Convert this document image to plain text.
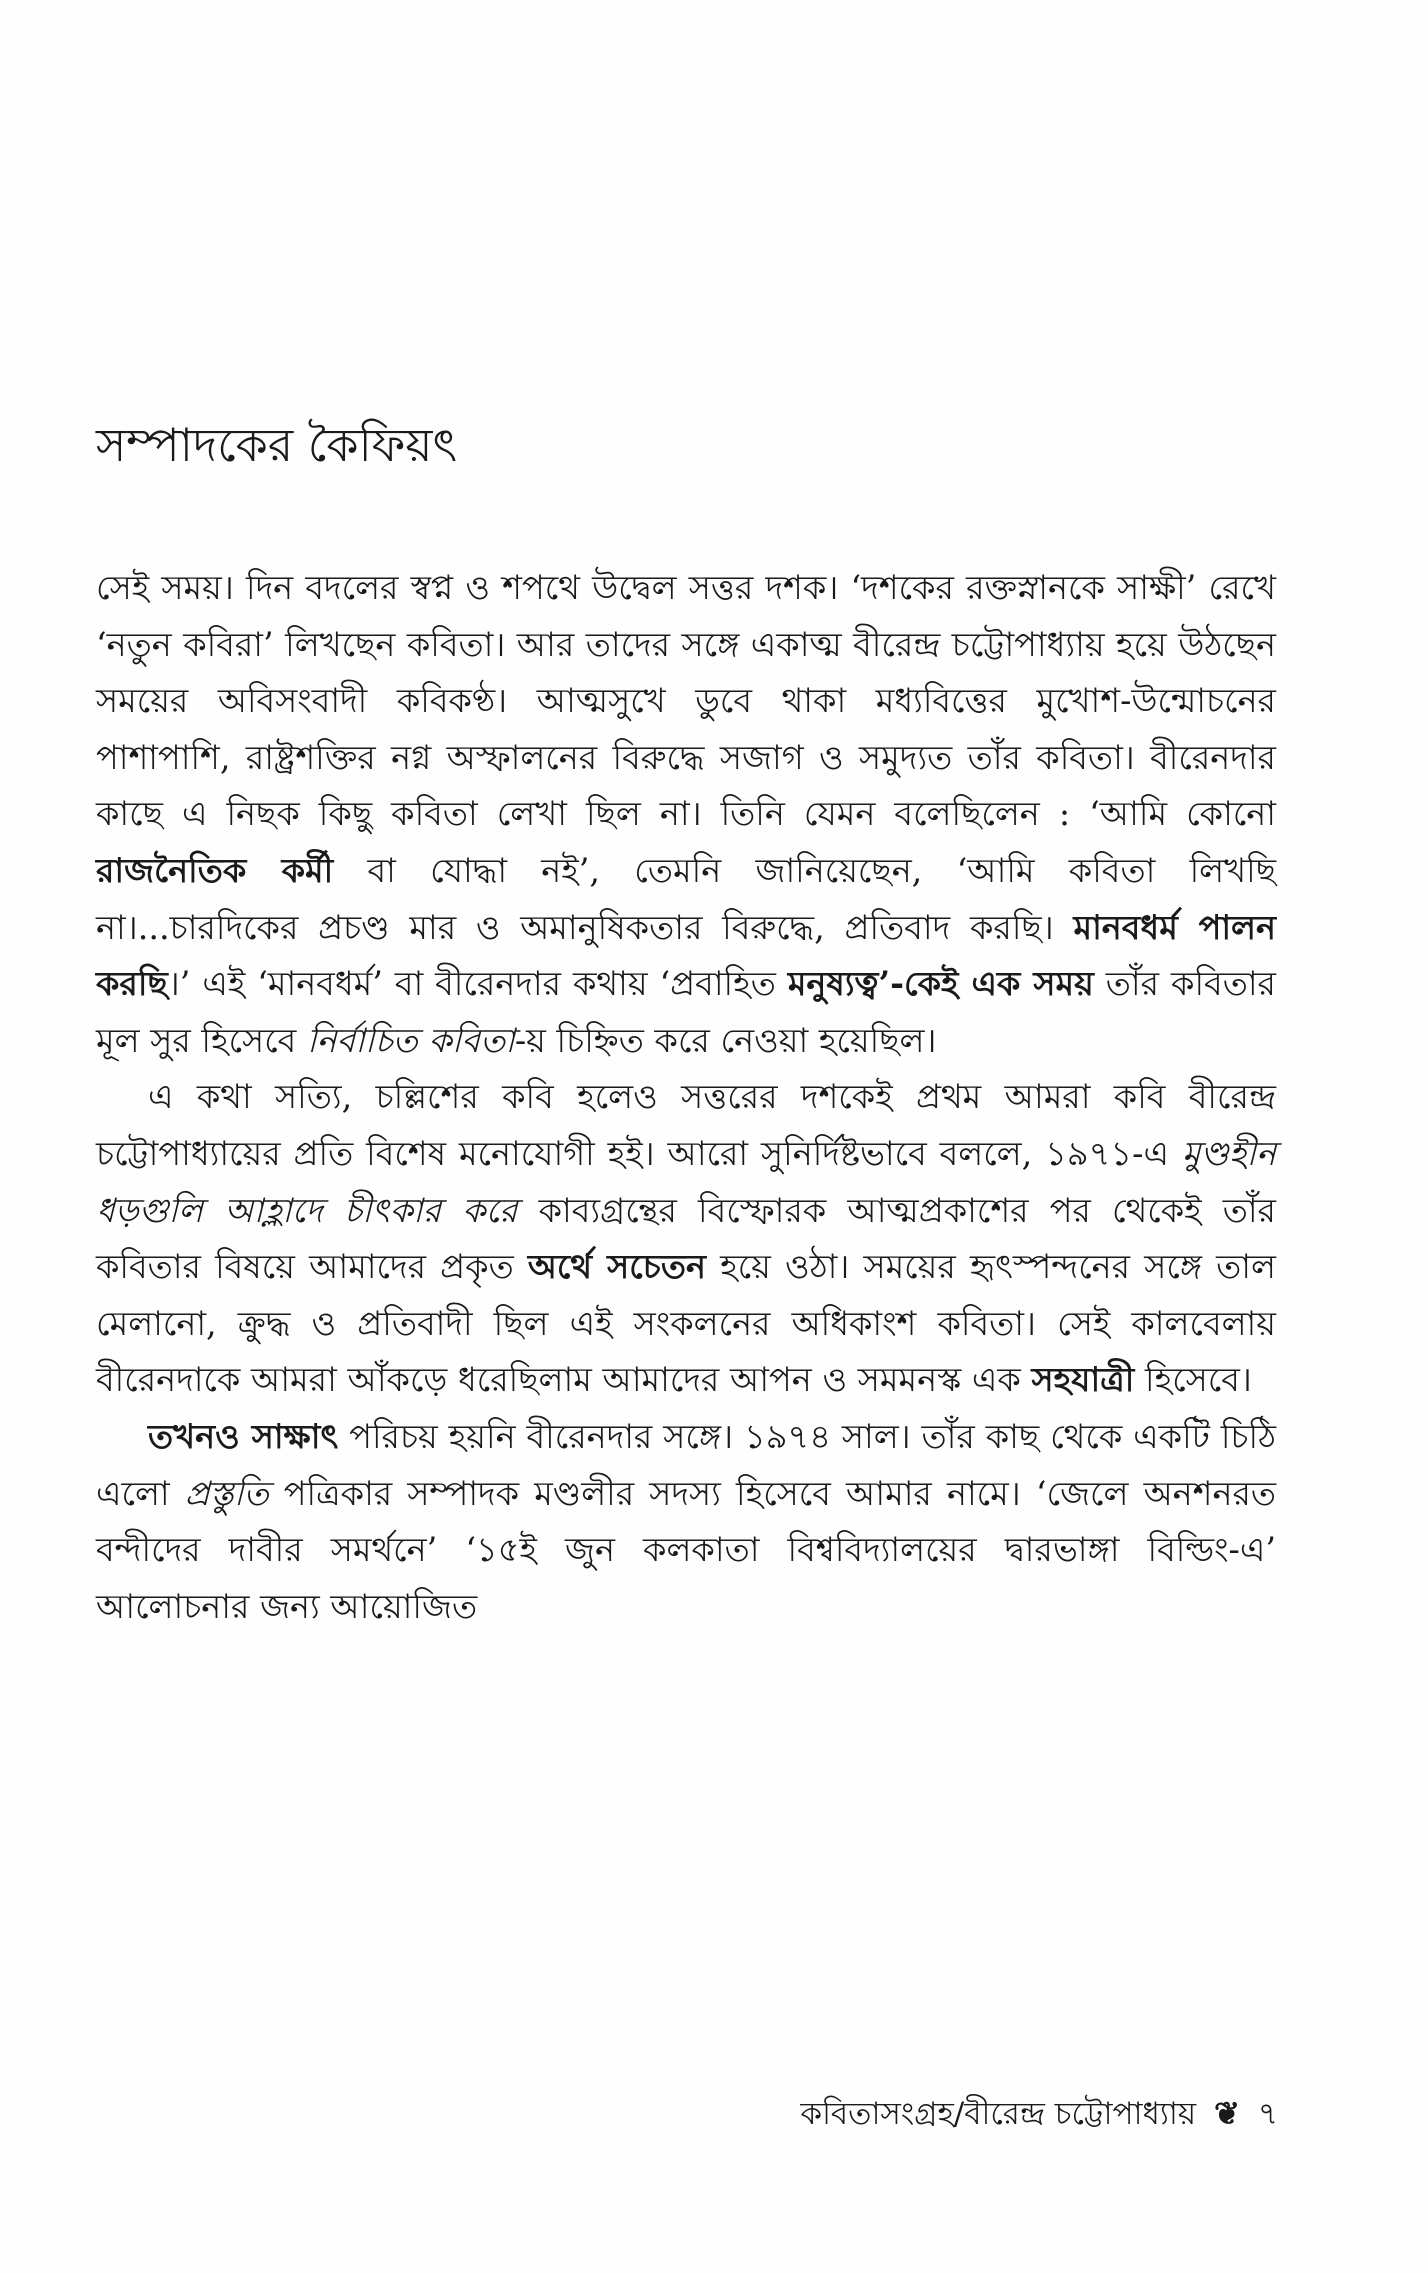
সম্পাদকের কৈফিয়ৎ

সেই সময়। দিন বদলের স্বপ্ন ও শপথে উদ্বেল সত্তর দশক। ‘দশকের রক্তস্নানকে সাক্ষী’ রেখে ‘নতুন কবিরা’ লিখছেন কবিতা। আর তাদের সঙ্গে একাত্ম বীরেন্দ্র চট্টোপাধ্যায় হয়ে উঠছেন সময়ের অবিসংবাদী কবিকণ্ঠ। আত্মসুখে ডুবে থাকা মধ্যবিত্তের মুখোশ-উন্মোচনের পাশাপাশি, রাষ্ট্রশক্তির নগ্ন অস্ফালনের বিরুদ্ধে সজাগ ও সমুদ্যত তাঁর কবিতা। বীরেনদার কাছে এ নিছক কিছু কবিতা লেখা ছিল না। তিনি যেমন বলেছিলেন : ‘আমি কোনো রাজনৈতিক কর্মী বা যোদ্ধা নই’, তেমনি জানিয়েছেন, ‘আমি কবিতা লিখছি না।...চারদিকের প্রচণ্ড মার ও অমানুষিকতার বিরুদ্ধে, প্রতিবাদ করছি। মানবধর্ম পালন করছি।’ এই ‘মানবধর্ম’ বা বীরেনদার কথায় ‘প্রবাহিত মনুষ্যত্ব’-কেই এক সময় তাঁর কবিতার মূল সুর হিসেবে নির্বাচিত কবিতা-য় চিহ্নিত করে নেওয়া হয়েছিল।

এ কথা সত্যি, চল্লিশের কবি হলেও সত্তরের দশকেই প্রথম আমরা কবি বীরেন্দ্র চট্টোপাধ্যায়ের প্রতি বিশেষ মনোযোগী হই। আরো সুনির্দিষ্টভাবে বললে, ১৯৭১-এ মুণ্ডহীন ধড়গুলি আহ্লাদে চীৎকার করে কাব্যগ্রন্থের বিস্ফোরক আত্মপ্রকাশের পর থেকেই তাঁর কবিতার বিষয়ে আমাদের প্রকৃত অর্থে সচেতন হয়ে ওঠা। সময়ের হৃৎস্পন্দনের সঙ্গে তাল মেলানো, ক্রুদ্ধ ও প্রতিবাদী ছিল এই সংকলনের অধিকাংশ কবিতা। সেই কালবেলায় বীরেনদাকে আমরা আঁকড়ে ধরেছিলাম আমাদের আপন ও সমমনস্ক এক সহযাত্রী হিসেবে।

তখনও সাক্ষাৎ পরিচয় হয়নি বীরেনদার সঙ্গে। ১৯৭৪ সাল। তাঁর কাছ থেকে একটি চিঠি এলো প্রস্তুতি পত্রিকার সম্পাদক মণ্ডলীর সদস্য হিসেবে আমার নামে। ‘জেলে অনশনরত বন্দীদের দাবীর সমর্থনে’ ‘১৫ই জুন কলকাতা বিশ্ববিদ্যালয়ের দ্বারভাঙ্গা বিল্ডিং-এ’ আলোচনার জন্য আয়োজিত

কবিতাসংগ্রহ/বীরেন্দ্র চট্টোপাধ্যায় ❦ ৭
